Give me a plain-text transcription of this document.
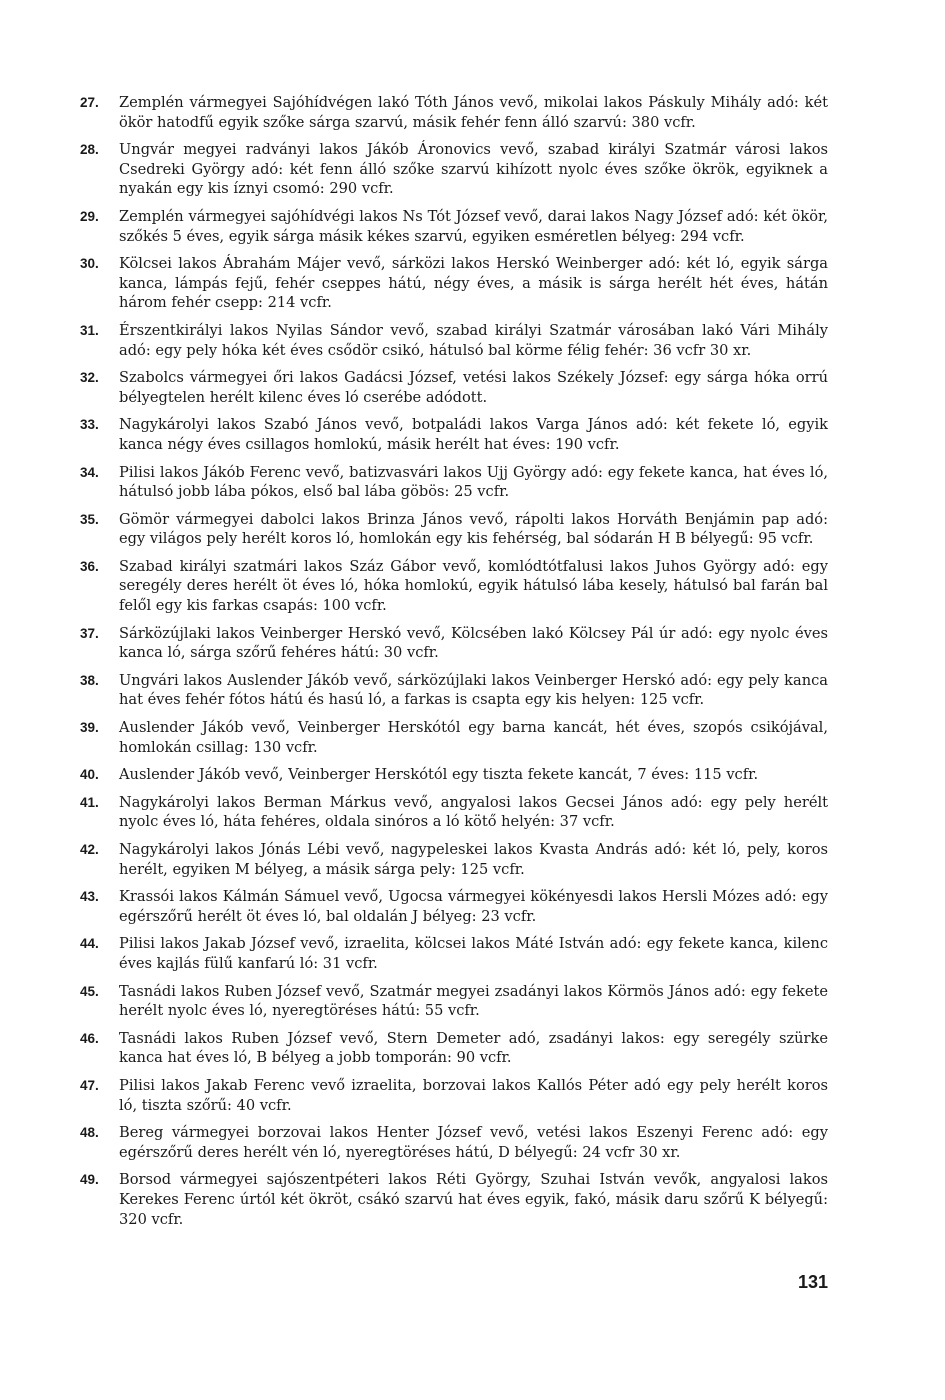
27.	Zemplén vármegyei Sajóhídvégen lakó Tóth János vevő, mikolai lakos Páskuly Mihály adó: két ökör hatodfű egyik szőke sárga szarvú, másik fehér fenn álló szarvú: 380 vcfr.
28.	Ungvár megyei radványi lakos Jákób Áronovics vevő, szabad királyi Szatmár városi lakos Csedreki György adó: két fenn álló szőke szarvú kihízott nyolc éves szőke ökrök, egyiknek a nyakán egy kis íznyi csomó: 290 vcfr.
29.	Zemplén vármegyei sajóhídvégi lakos Ns Tót József vevő, darai lakos Nagy József adó: két ökör, szőkés 5 éves, egyik sárga másik kékes szarvú, egyiken esméretlen bélyeg: 294 vcfr.
30.	Kölcsei lakos Ábrahám Májer vevő, sárközi lakos Herskó Weinberger adó: két ló, egyik sárga kanca, lámpás fejű, fehér cseppes hátú, négy éves, a másik is sárga herélt hét éves, hátán három fehér csepp: 214 vcfr.
31.	Érszentkirályi lakos Nyilas Sándor vevő, szabad királyi Szatmár városában lakó Vári Mihály adó: egy pely hóka két éves csődör csikó, hátulsó bal körme félig fehér: 36 vcfr 30 xr.
32.	Szabolcs vármegyei őri lakos Gadácsi József, vetési lakos Székely József: egy sárga hóka orrú bélyegtelen herélt kilenc éves ló cserébe adódott.
33.	Nagykárolyi lakos Szabó János vevő, botpaládi lakos Varga János adó: két fekete ló, egyik kanca négy éves csillagos homlokú, másik herélt hat éves: 190 vcfr.
34.	Pilisi lakos Jákób Ferenc vevő, batizvasvári lakos Ujj György adó: egy fekete kanca, hat éves ló, hátulsó jobb lába pókos, első bal lába göbös: 25 vcfr.
35.	Gömör vármegyei dabolci lakos Brinza János vevő, rápolti lakos Horváth Benjámin pap adó: egy világos pely herélt koros ló, homlokán egy kis fehérség, bal sódarán H B bélyegű: 95 vcfr.
36.	Szabad királyi szatmári lakos Száz Gábor vevő, komlódtótfalusi lakos Juhos György adó: egy seregély deres herélt öt éves ló, hóka homlokú, egyik hátulsó lába kesely, hátulsó bal farán bal felől egy kis farkas csapás: 100 vcfr.
37.	Sárközújlaki lakos Veinberger Herskó vevő, Kölcsében lakó Kölcsey Pál úr adó: egy nyolc éves kanca ló, sárga szőrű fehéres hátú: 30 vcfr.
38.	Ungvári lakos Auslender Jákób vevő, sárközújlaki lakos Veinberger Herskó adó: egy pely kanca hat éves fehér fótos hátú és hasú ló, a farkas is csapta egy kis helyen: 125 vcfr.
39.	Auslender Jákób vevő, Veinberger Herskótól egy barna kancát, hét éves, szopós csikójával, homlokán csillag: 130 vcfr.
40.	Auslender Jákób vevő, Veinberger Herskótól egy tiszta fekete kancát, 7 éves: 115 vcfr.
41.	Nagykárolyi lakos Berman Márkus vevő, angyalosi lakos Gecsei János adó: egy pely herélt nyolc éves ló, háta fehéres, oldala sinóros a ló kötő helyén: 37 vcfr.
42.	Nagykárolyi lakos Jónás Lébi vevő, nagypeleskei lakos Kvasta András adó: két ló, pely, koros herélt, egyiken M bélyeg, a másik sárga pely: 125 vcfr.
43.	Krassói lakos Kálmán Sámuel vevő, Ugocsa vármegyei kökényesdi lakos Hersli Mózes adó: egy egérszőrű herélt öt éves ló, bal oldalán J bélyeg: 23 vcfr.
44.	Pilisi lakos Jakab József vevő, izraelita, kölcsei lakos Máté István adó: egy fekete kanca, kilenc éves kajlás fülű kanfarú ló: 31 vcfr.
45.	Tasnádi lakos Ruben József vevő, Szatmár megyei zsadányi lakos Körmös János adó: egy fekete herélt nyolc éves ló, nyeregtöréses hátú: 55 vcfr.
46.	Tasnádi lakos Ruben József vevő, Stern Demeter adó, zsadányi lakos: egy seregély szürke kanca hat éves ló, B bélyeg a jobb tomporán: 90 vcfr.
47.	Pilisi lakos Jakab Ferenc vevő izraelita, borzovai lakos Kallós Péter adó egy pely herélt koros ló, tiszta szőrű: 40 vcfr.
48.	Bereg vármegyei borzovai lakos Henter József vevő, vetési lakos Eszenyi Ferenc adó: egy egérszőrű deres herélt vén ló, nyeregtöréses hátú, D bélyegű: 24 vcfr 30 xr.
49.	Borsod vármegyei sajószentpéteri lakos Réti György, Szuhai István vevők, angyalosi lakos Kerekes Ferenc úrtól két ökröt, csákó szarvú hat éves egyik, fakó, másik daru szőrű K bélyegű: 320 vcfr.
131
